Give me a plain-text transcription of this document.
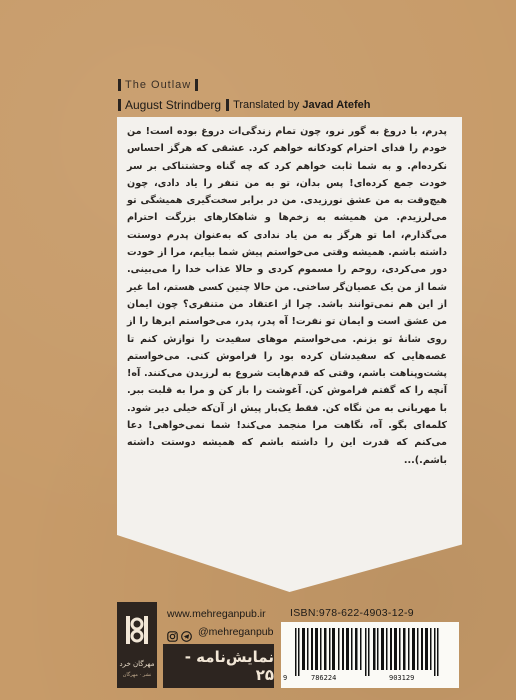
The Outlaw
August Strindberg Translated by Javad Atefeh
پدرم، با دروغ به گور نرو، چون تمام زندگی‌ات دروغ بوده است! من خودم را فدای احترام کودکانه خواهم کرد. عشقی که هرگز احساس نکرده‌ام. و به شما ثابت خواهم کرد که چه گناه وحشتناکی بر سر خودت جمع کرده‌ای! پس بدان، تو به من تنفر را یاد دادی، چون هیچ‌وقت به من عشق نورزیدی. من در برابر سخت‌گیری همیشگی تو می‌لرزیدم. من همیشه به زخم‌ها و شاهکارهای بزرگت احترام می‌گذارم، اما تو هرگز به من یاد ندادی که به‌عنوان پدرم دوستت داشته باشم. همیشه وقتی می‌خواستم پیش شما بیایم، مرا از خودت دور می‌کردی، روحم را مسموم کردی و حالا عذاب خدا را می‌بینی. شما از من یک عصیان‌گر ساختی. من حالا چنین کسی هستم، اما غیر از این هم نمی‌توانند باشد. چرا از اعتقاد من متنفری؟ چون ایمان من عشق است و ایمان تو نفرت! آه پدر، پدر، می‌خواستم ابرها را از روی شانهٔ تو بزنم. می‌خواستم موهای سفیدت را نوازش کنم تا غصه‌هایی که سفیدشان کرده بود را فراموش کنی. می‌خواستم پشت‌وپناهت باشم، وقتی که قدم‌هایت شروع به لرزیدن می‌کنند. آه! آنچه را که گفتم فراموش کن. آغوشت را باز کن و مرا به قلبت ببر. با مهربانی به من نگاه کن. فقط یک‌بار پیش از آن‌که خیلی دیر شود. کلمه‌ای بگو. آه، نگاهت مرا منجمد می‌کند! شما نمی‌خواهی! دعا می‌کنم که قدرت این را داشته باشم که همیشه دوستت داشته باشم.)...
مهرگان خرد
نشر · مهرگان
www.mehreganpub.ir
@mehreganpub
نمایش‌نامه - ۲۵
ISBN:978-622-4903-12-9
9	786224	903129
